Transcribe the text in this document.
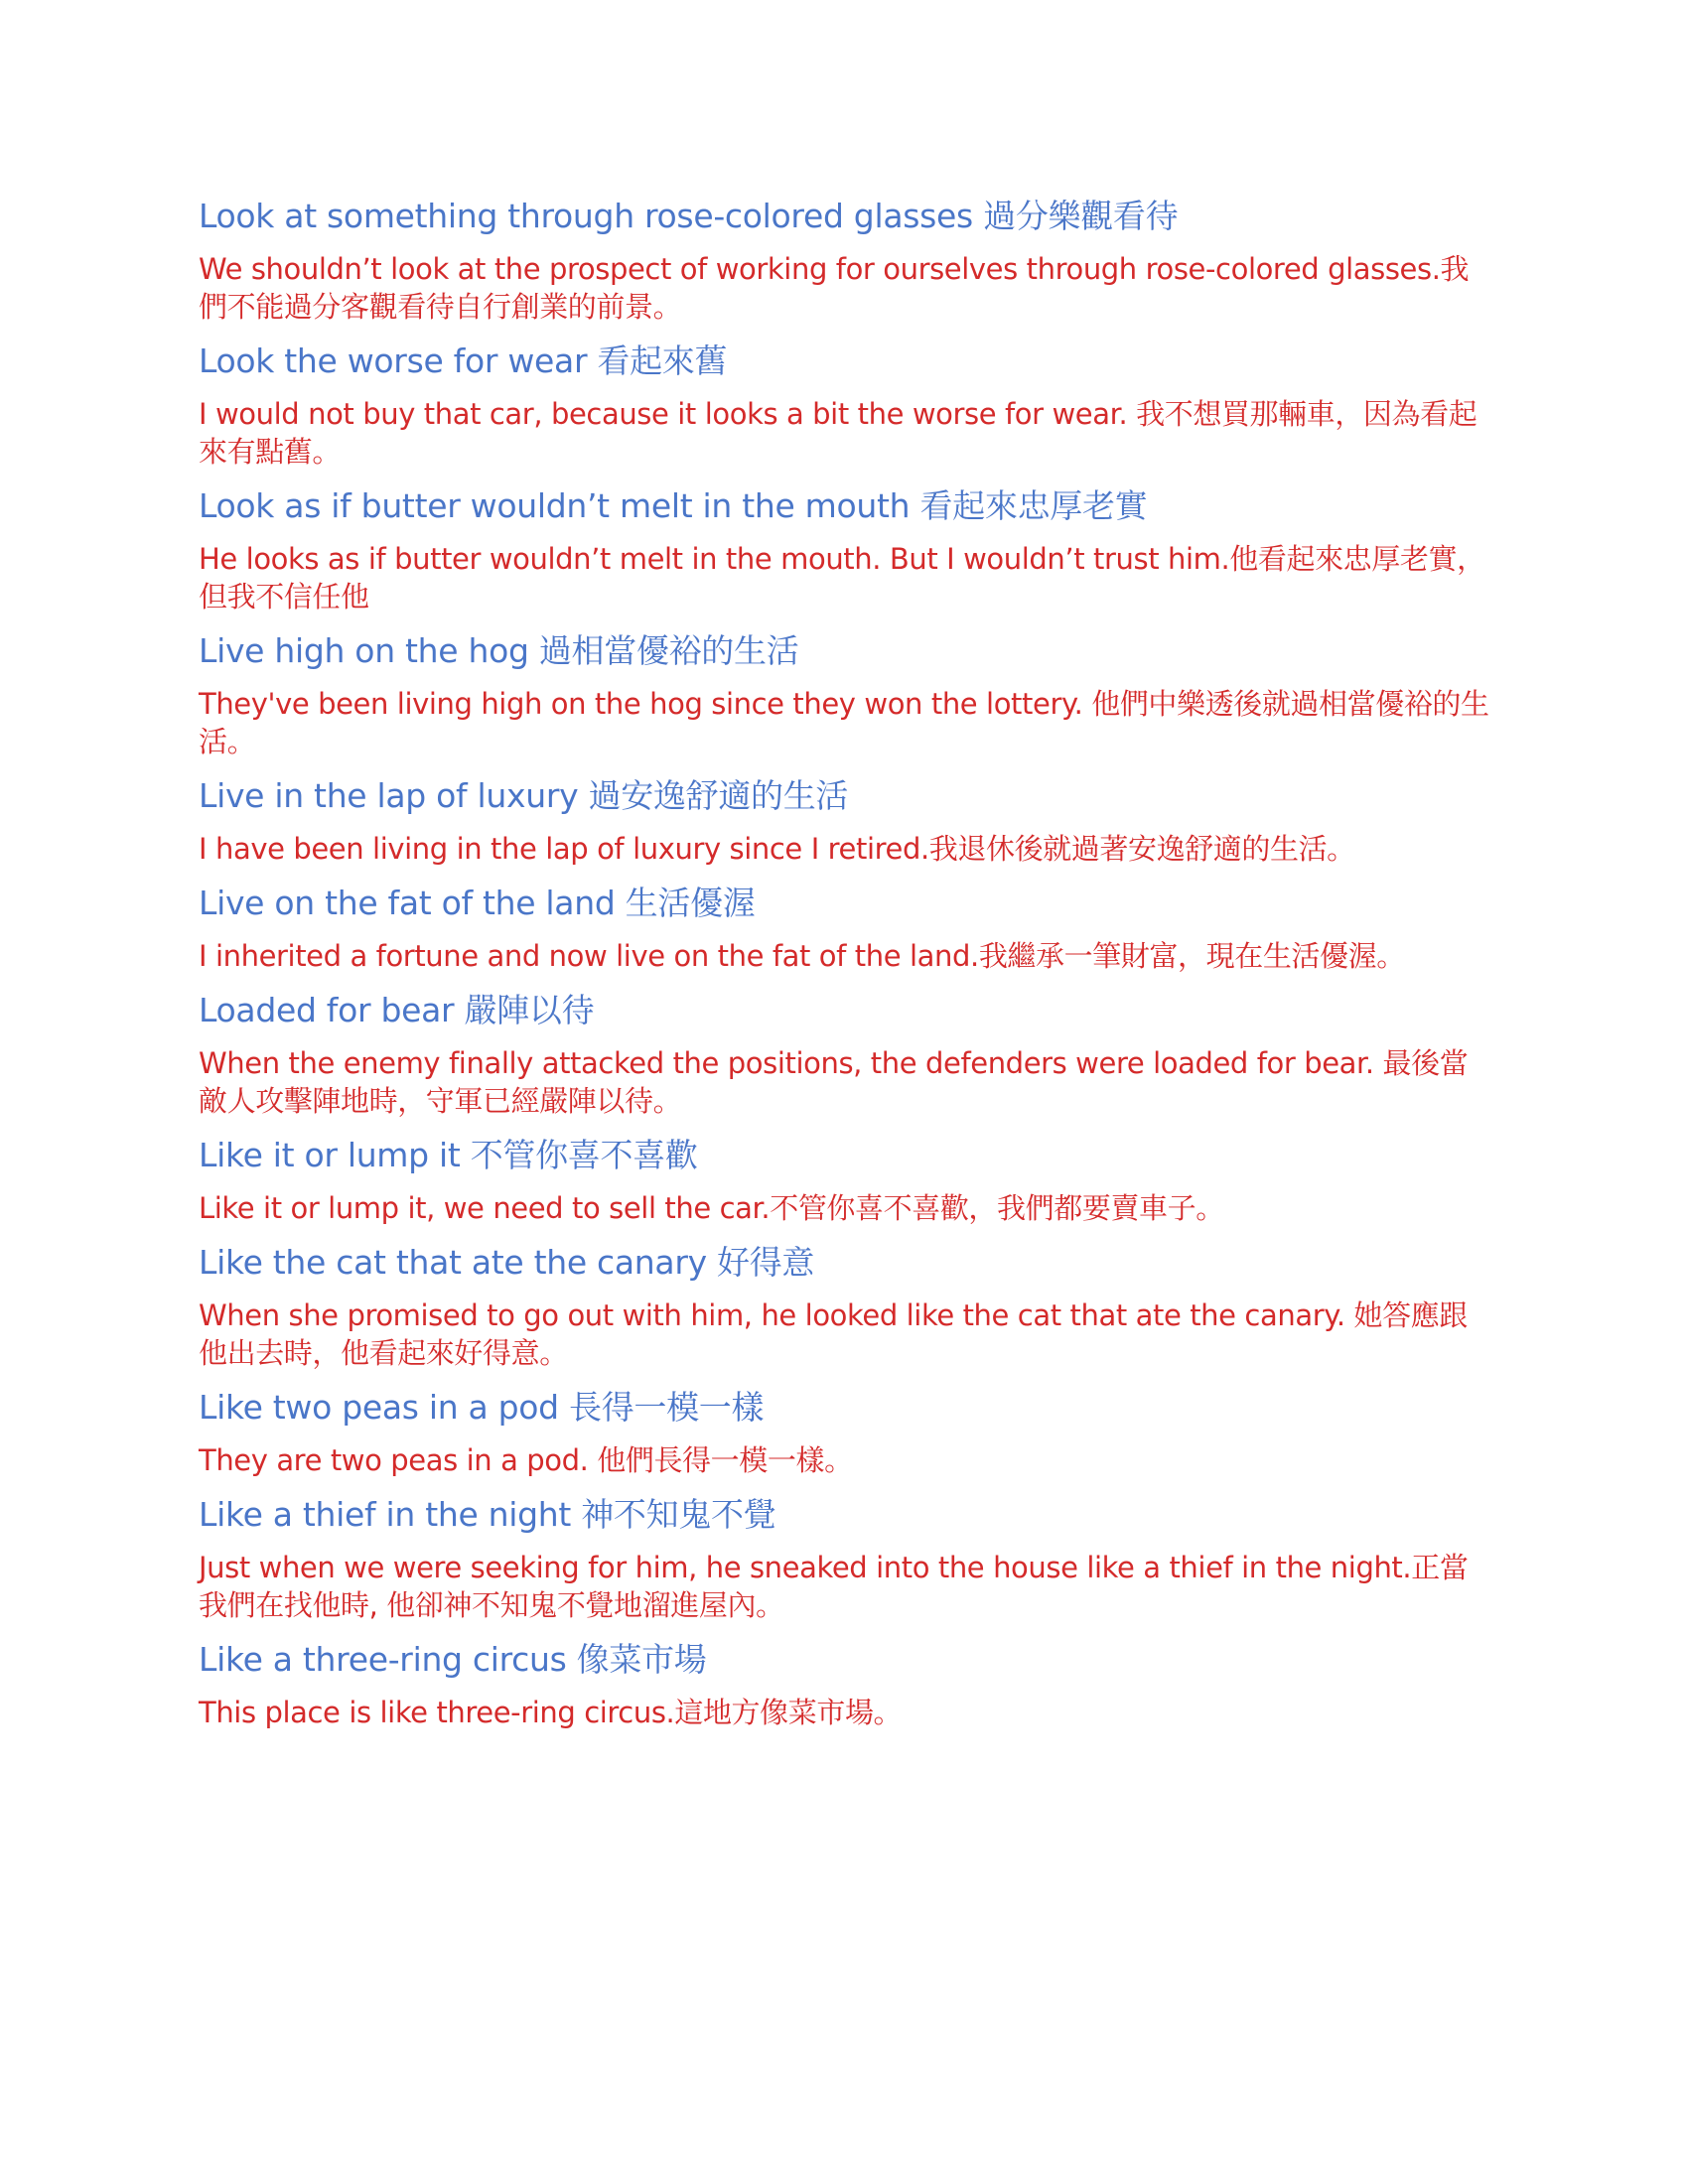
Look at something through rose-colored glasses 過分樂觀看待

We shouldn’t look at the prospect of working for ourselves through rose-colored glasses.我們不能過分客觀看待自行創業的前景。

Look the worse for wear 看起來舊

I would not buy that car, because it looks a bit the worse for wear. 我不想買那輛車，因為看起來有點舊。

Look as if butter wouldn’t melt in the mouth 看起來忠厚老實

He looks as if butter wouldn’t melt in the mouth. But I wouldn’t trust him.他看起來忠厚老實，但我不信任他

Live high on the hog 過相當優裕的生活

They've been living high on the hog since they won the lottery. 他們中樂透後就過相當優裕的生活。

Live in the lap of luxury 過安逸舒適的生活

I have been living in the lap of luxury since I retired.我退休後就過著安逸舒適的生活。

Live on the fat of the land 生活優渥

I inherited a fortune and now live on the fat of the land.我繼承一筆財富，現在生活優渥。

Loaded for bear 嚴陣以待

When the enemy finally attacked the positions, the defenders were loaded for bear. 最後當敵人攻擊陣地時，守軍已經嚴陣以待。

Like it or lump it 不管你喜不喜歡

Like it or lump it, we need to sell the car.不管你喜不喜歡，我們都要賣車子。

Like the cat that ate the canary 好得意

When she promised to go out with him, he looked like the cat that ate the canary. 她答應跟他出去時，他看起來好得意。

Like two peas in a pod 長得一模一樣

They are two peas in a pod. 他們長得一模一樣。

Like a thief in the night 神不知鬼不覺

Just when we were seeking for him, he sneaked into the house like a thief in the night.正當我們在找他時, 他卻神不知鬼不覺地溜進屋內。

Like a three-ring circus 像菜市場

This place is like three-ring circus.這地方像菜市場。
